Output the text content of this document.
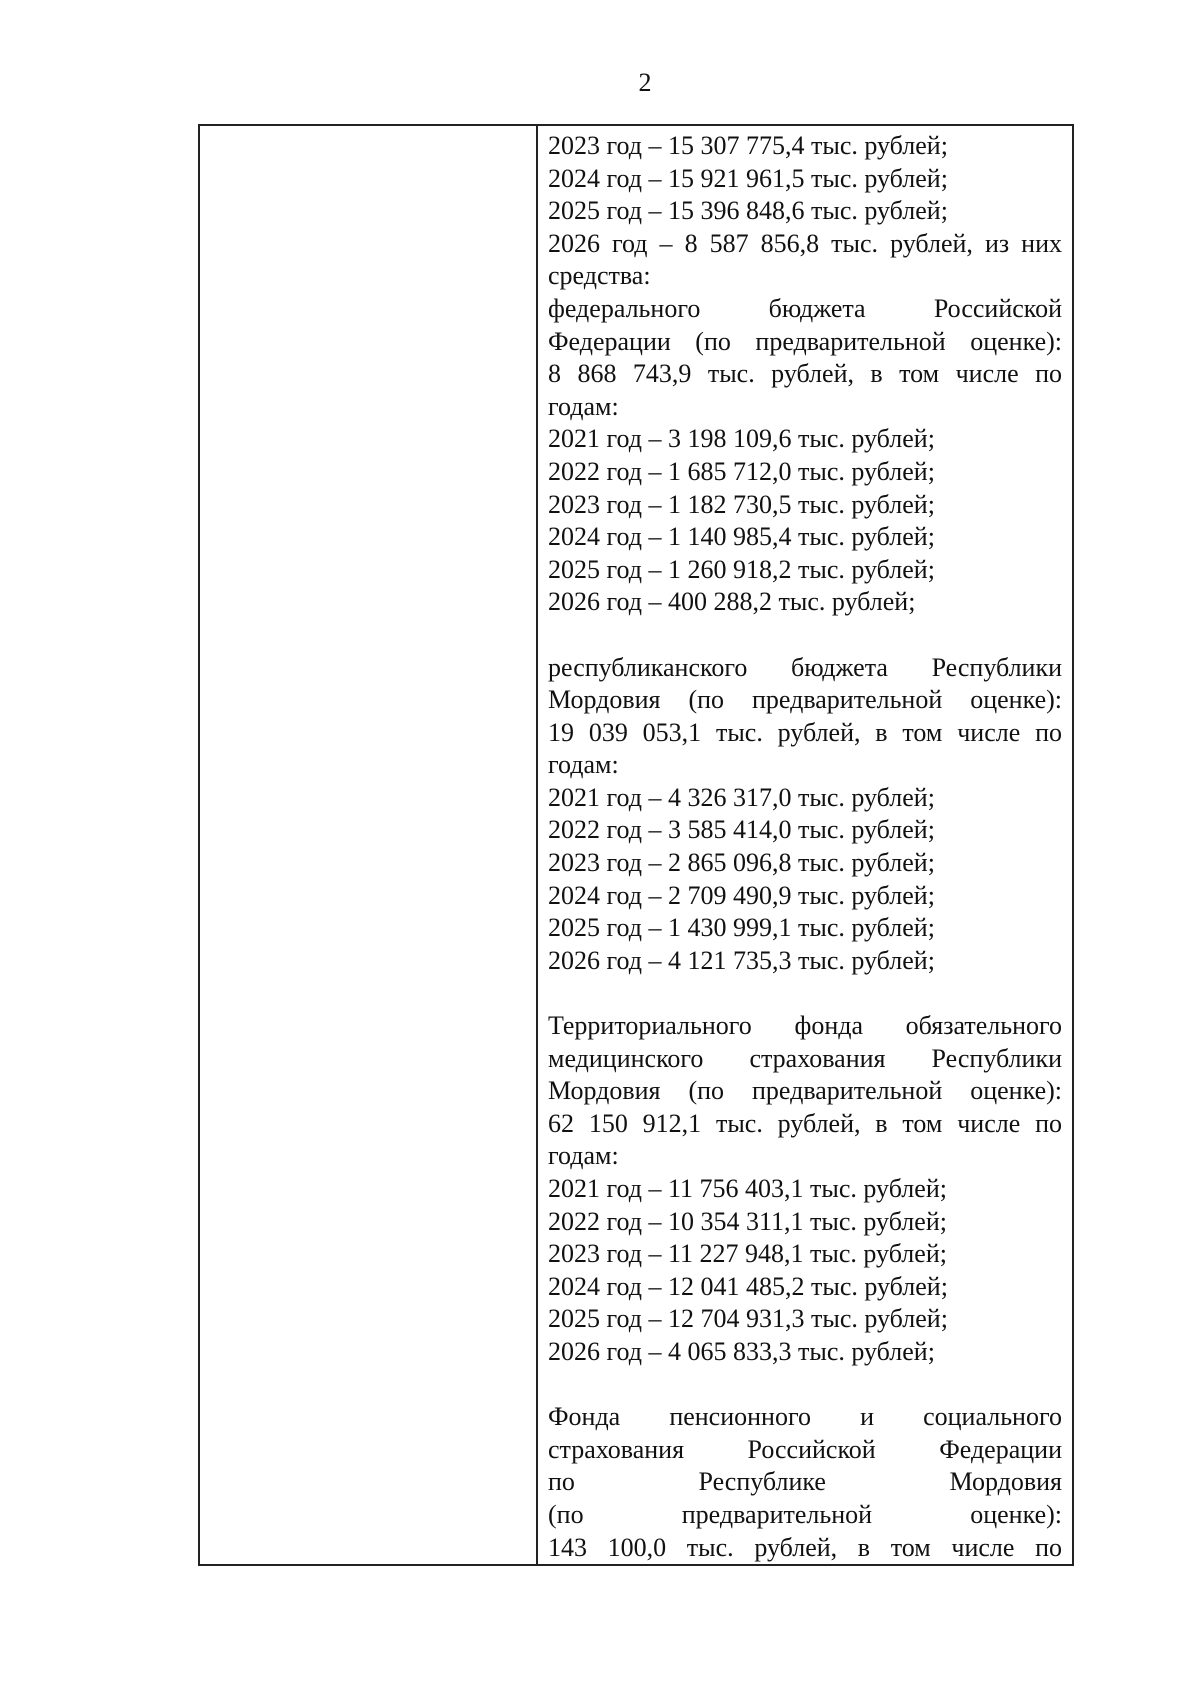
2
2023 год – 15 307 775,4 тыс. рублей;
2024 год – 15 921 961,5 тыс. рублей;
2025 год – 15 396 848,6 тыс. рублей;
2026 год – 8 587 856,8 тыс. рублей, из них
средства:
федерального бюджета Российской
Федерации (по предварительной оценке):
8 868 743,9 тыс. рублей, в том числе по
годам:
2021 год – 3 198 109,6 тыс. рублей;
2022 год – 1 685 712,0 тыс. рублей;
2023 год – 1 182 730,5 тыс. рублей;
2024 год – 1 140 985,4 тыс. рублей;
2025 год – 1 260 918,2 тыс. рублей;
2026 год – 400 288,2 тыс. рублей;
республиканского бюджета Республики
Мордовия (по предварительной оценке):
19 039 053,1 тыс. рублей, в том числе по
годам:
2021 год – 4 326 317,0 тыс. рублей;
2022 год – 3 585 414,0 тыс. рублей;
2023 год – 2 865 096,8 тыс. рублей;
2024 год – 2 709 490,9 тыс. рублей;
2025 год – 1 430 999,1 тыс. рублей;
2026 год – 4 121 735,3 тыс. рублей;
Территориального фонда обязательного
медицинского страхования Республики
Мордовия (по предварительной оценке):
62 150 912,1 тыс. рублей, в том числе по
годам:
2021 год – 11 756 403,1 тыс. рублей;
2022 год – 10 354 311,1 тыс. рублей;
2023 год – 11 227 948,1 тыс. рублей;
2024 год – 12 041 485,2 тыс. рублей;
2025 год – 12 704 931,3 тыс. рублей;
2026 год – 4 065 833,3 тыс. рублей;
Фонда пенсионного и социального
страхования Российской Федерации
по Республике Мордовия
(по предварительной оценке):
143 100,0 тыс. рублей, в том числе по
